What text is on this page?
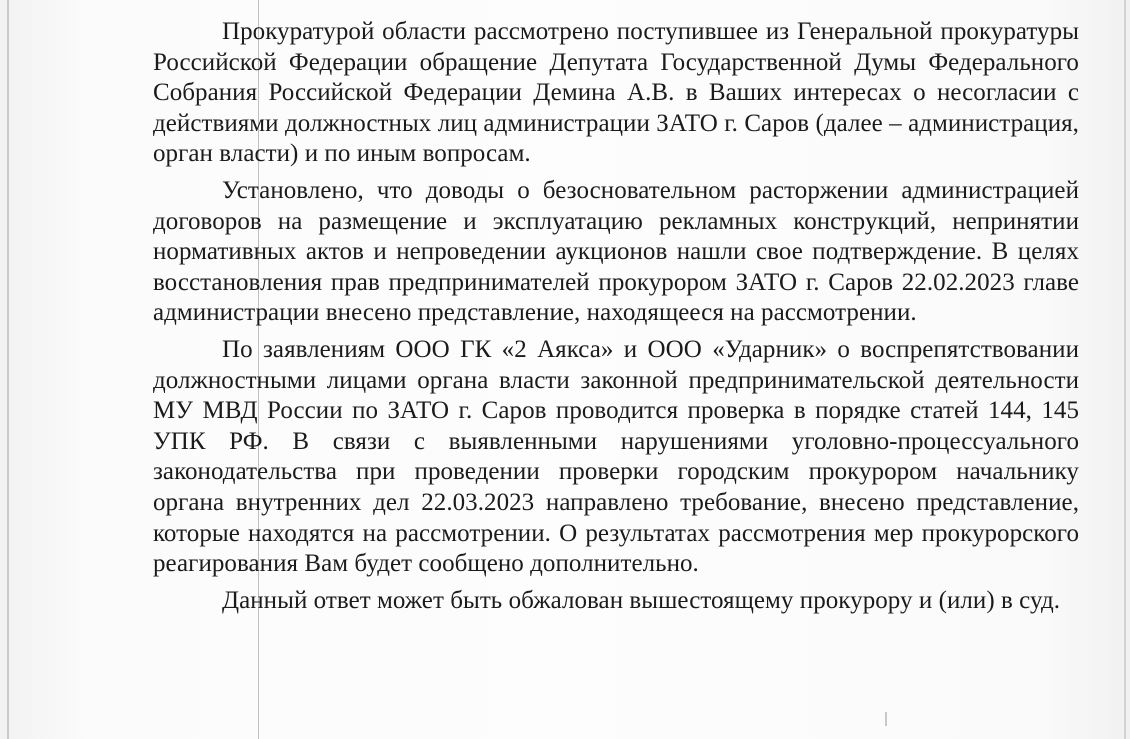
Прокуратурой области рассмотрено поступившее из Генеральной прокуратуры Российской Федерации обращение Депутата Государственной Думы Федерального Собрания Российской Федерации Демина А.В. в Ваших интересах о несогласии с действиями должностных лиц администрации ЗАТО г. Саров (далее – администрация, орган власти) и по иным вопросам.

Установлено, что доводы о безосновательном расторжении администрацией договоров на размещение и эксплуатацию рекламных конструкций, непринятии нормативных актов и непроведении аукционов нашли свое подтверждение. В целях восстановления прав предпринимателей прокурором ЗАТО г. Саров 22.02.2023 главе администрации внесено представление, находящееся на рассмотрении.

По заявлениям ООО ГК «2 Аякса» и ООО «Ударник» о воспрепятствовании должностными лицами органа власти законной предпринимательской деятельности МУ МВД России по ЗАТО г. Саров проводится проверка в порядке статей 144, 145 УПК РФ. В связи с выявленными нарушениями уголовно-процессуального законодательства при проведении проверки городским прокурором начальнику органа внутренних дел 22.03.2023 направлено требование, внесено представление, которые находятся на рассмотрении. О результатах рассмотрения мер прокурорского реагирования Вам будет сообщено дополнительно.

Данный ответ может быть обжалован вышестоящему прокурору и (или) в суд.
